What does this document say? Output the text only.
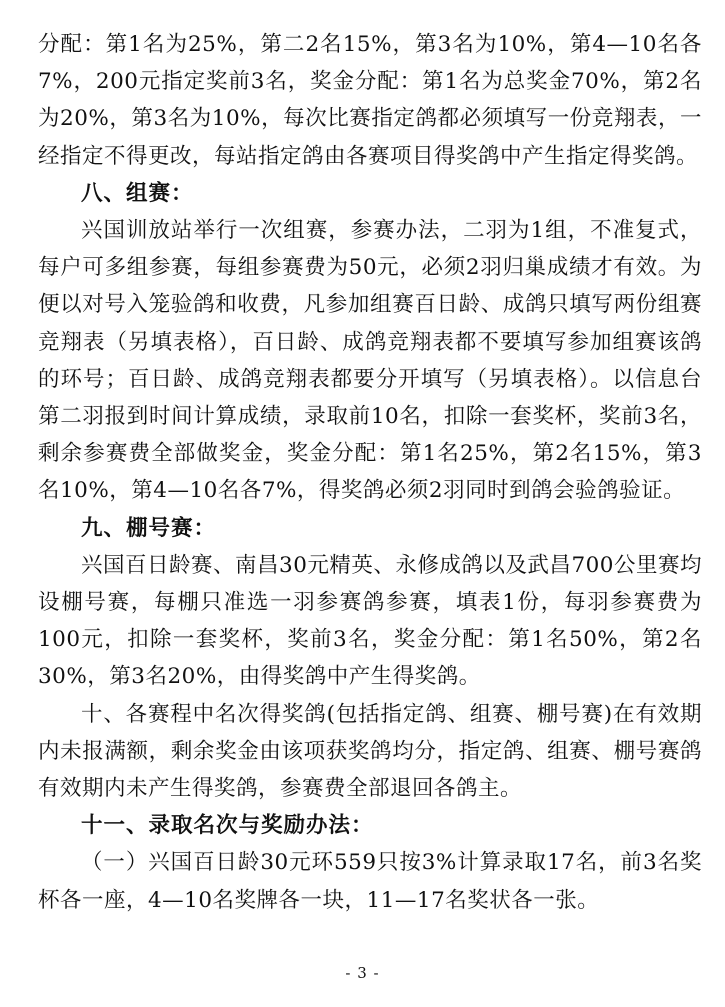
分配：第1名为25%，第二2名15%，第3名为10%，第4—10名各7%，200元指定奖前3名，奖金分配：第1名为总奖金70%，第2名为20%，第3名为10%，每次比赛指定鸽都必须填写一份竞翔表，一经指定不得更改，每站指定鸽由各赛项目得奖鸽中产生指定得奖鸽。

八、组赛：

兴国训放站举行一次组赛，参赛办法，二羽为1组，不准复式，每户可多组参赛，每组参赛费为50元，必须2羽归巢成绩才有效。为便以对号入笼验鸽和收费，凡参加组赛百日龄、成鸽只填写两份组赛竞翔表（另填表格），百日龄、成鸽竞翔表都不要填写参加组赛该鸽的环号；百日龄、成鸽竞翔表都要分开填写（另填表格）。以信息台第二羽报到时间计算成绩，录取前10名，扣除一套奖杯，奖前3名，剩余参赛费全部做奖金，奖金分配：第1名25%，第2名15%，第3名10%，第4—10名各7%，得奖鸽必须2羽同时到鸽会验鸽验证。

九、棚号赛：

兴国百日龄赛、南昌30元精英、永修成鸽以及武昌700公里赛均设棚号赛，每棚只准选一羽参赛鸽参赛，填表1份，每羽参赛费为100元，扣除一套奖杯，奖前3名，奖金分配：第1名50%，第2名30%，第3名20%，由得奖鸽中产生得奖鸽。

十、各赛程中名次得奖鸽(包括指定鸽、组赛、棚号赛)在有效期内未报满额，剩余奖金由该项获奖鸽均分，指定鸽、组赛、棚号赛鸽有效期内未产生得奖鸽，参赛费全部退回各鸽主。

十一、录取名次与奖励办法：

（一）兴国百日龄30元环559只按3%计算录取17名，前3名奖杯各一座，4—10名奖牌各一块，11—17名奖状各一张。

- 3 -
